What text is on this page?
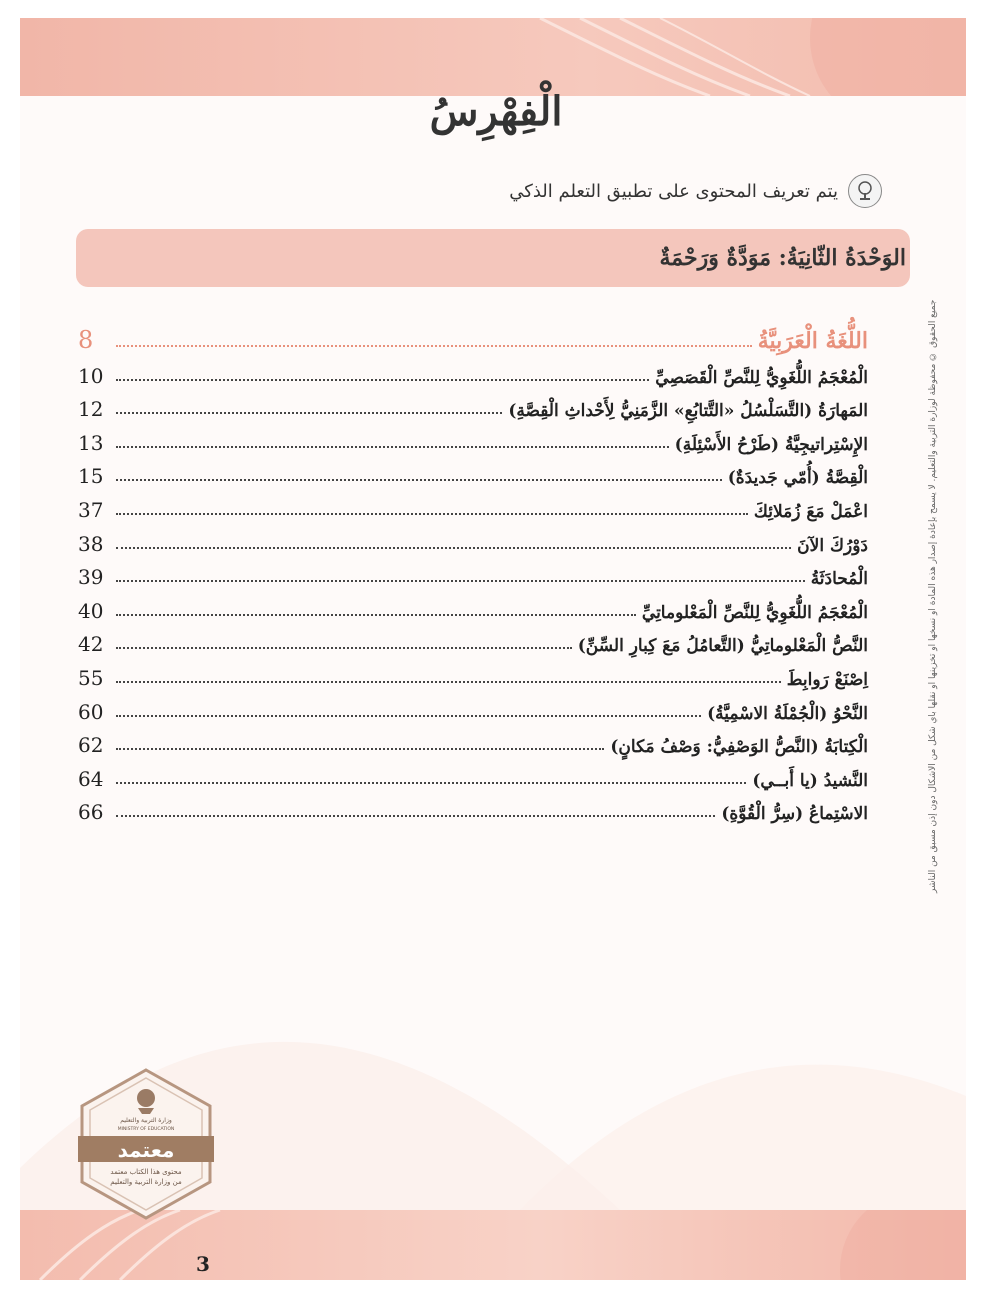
الْفِهْرِسُ
يتم تعريف المحتوى على تطبيق التعلم الذكي
الوَحْدَةُ الثّانِيَةُ: مَوَدَّةٌ وَرَحْمَةٌ
اللُّغَةُ الْعَرَبِيَّةُ
8
الْمُعْجَمُ اللُّغَوِيُّ لِلنَّصِّ الْقَصَصِيِّ
10
المَهارَةُ (التَّسَلْسُلُ «التَّتابُعِ» الزَّمَنِيُّ لِأَحْداثِ الْقِصَّةِ)
12
الإِسْتِراتيجِيَّةُ (طَرْحُ الأَسْئِلَةِ)
13
الْقِصَّةُ (أُمّي جَديدَةٌ)
15
اعْمَلْ مَعَ زُمَلائِكَ
37
دَوْرُكَ الآنَ
38
الْمُحادَثَةُ
39
الْمُعْجَمُ اللُّغَوِيُّ لِلنَّصِّ الْمَعْلوماتِيِّ
40
النَّصُّ الْمَعْلوماتِيُّ (التَّعامُلُ مَعَ كِبارِ السِّنِّ)
42
اِصْنَعْ رَوابِطَ
55
النَّحْوُ (الْجُمْلَةُ الاسْمِيَّةُ)
60
الْكِتابَةُ (النَّصُّ الوَصْفِيُّ: وَصْفُ مَكانٍ)
62
النَّشيدُ (يا أَبــي)
64
الاسْتِماعُ (سِرُّ الْقُوَّةِ)
66	جميع الحقوق © محفوظة لوزارة التربية والتعليم. لا يسمح بإعادة إصدار هذه المادة أو نسخها أو تخزينها أو نقلها بأي شكل من الأشكال دون إذن مسبق من الناشر
وزارة التربية والتعليم
MINISTRY OF EDUCATION
معتمد
محتوى هذا الكتاب معتمد
من وزارة التربية والتعليم
3
